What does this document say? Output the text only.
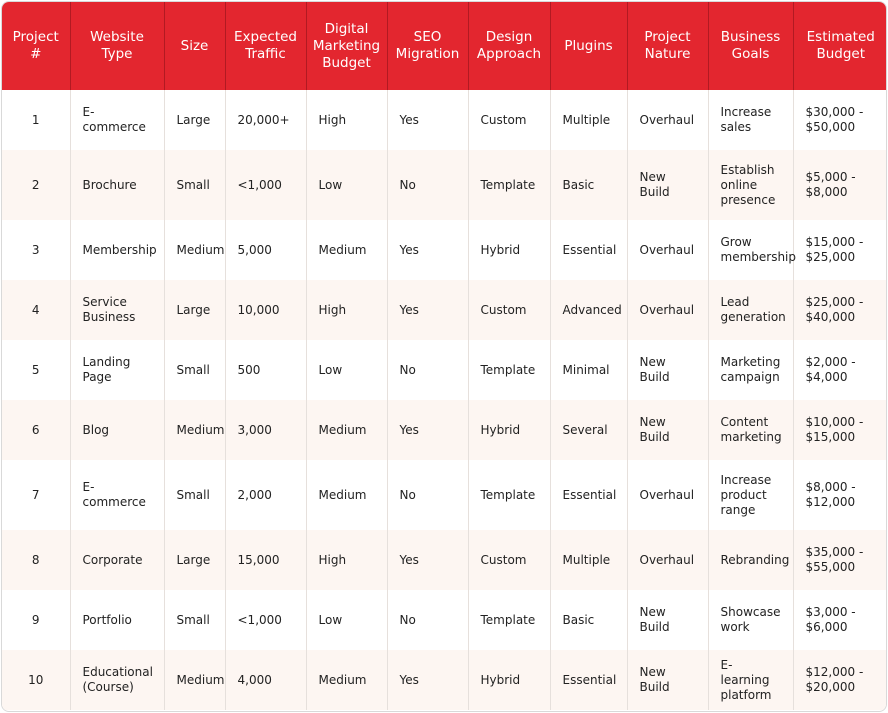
Project
#	Website
Type	Size	Expected
Traffic	Digital
Marketing
Budget	SEO
Migration	Design
Approach	Plugins	Project
Nature	Business
Goals	Estimated
Budget
1	E-
commerce	Large	20,000+	High	Yes	Custom	Multiple	Overhaul	Increase
sales	$30,000 -
$50,000
2	Brochure	Small	<1,000	Low	No	Template	Basic	New Build	Establish
online
presence	$5,000 -
$8,000
3	Membership	Medium	5,000	Medium	Yes	Hybrid	Essential	Overhaul	Grow
membership	$15,000 -
$25,000
4	Service
Business	Large	10,000	High	Yes	Custom	Advanced	Overhaul	Lead
generation	$25,000 -
$40,000
5	Landing
Page	Small	500	Low	No	Template	Minimal	New Build	Marketing
campaign	$2,000 -
$4,000
6	Blog	Medium	3,000	Medium	Yes	Hybrid	Several	New Build	Content
marketing	$10,000 -
$15,000
7	E-
commerce	Small	2,000	Medium	No	Template	Essential	Overhaul	Increase
product
range	$8,000 -
$12,000
8	Corporate	Large	15,000	High	Yes	Custom	Multiple	Overhaul	Rebranding	$35,000 -
$55,000
9	Portfolio	Small	<1,000	Low	No	Template	Basic	New Build	Showcase
work	$3,000 -
$6,000
10	Educational
(Course)	Medium	4,000	Medium	Yes	Hybrid	Essential	New Build	E-learning
platform	$12,000 -
$20,000
